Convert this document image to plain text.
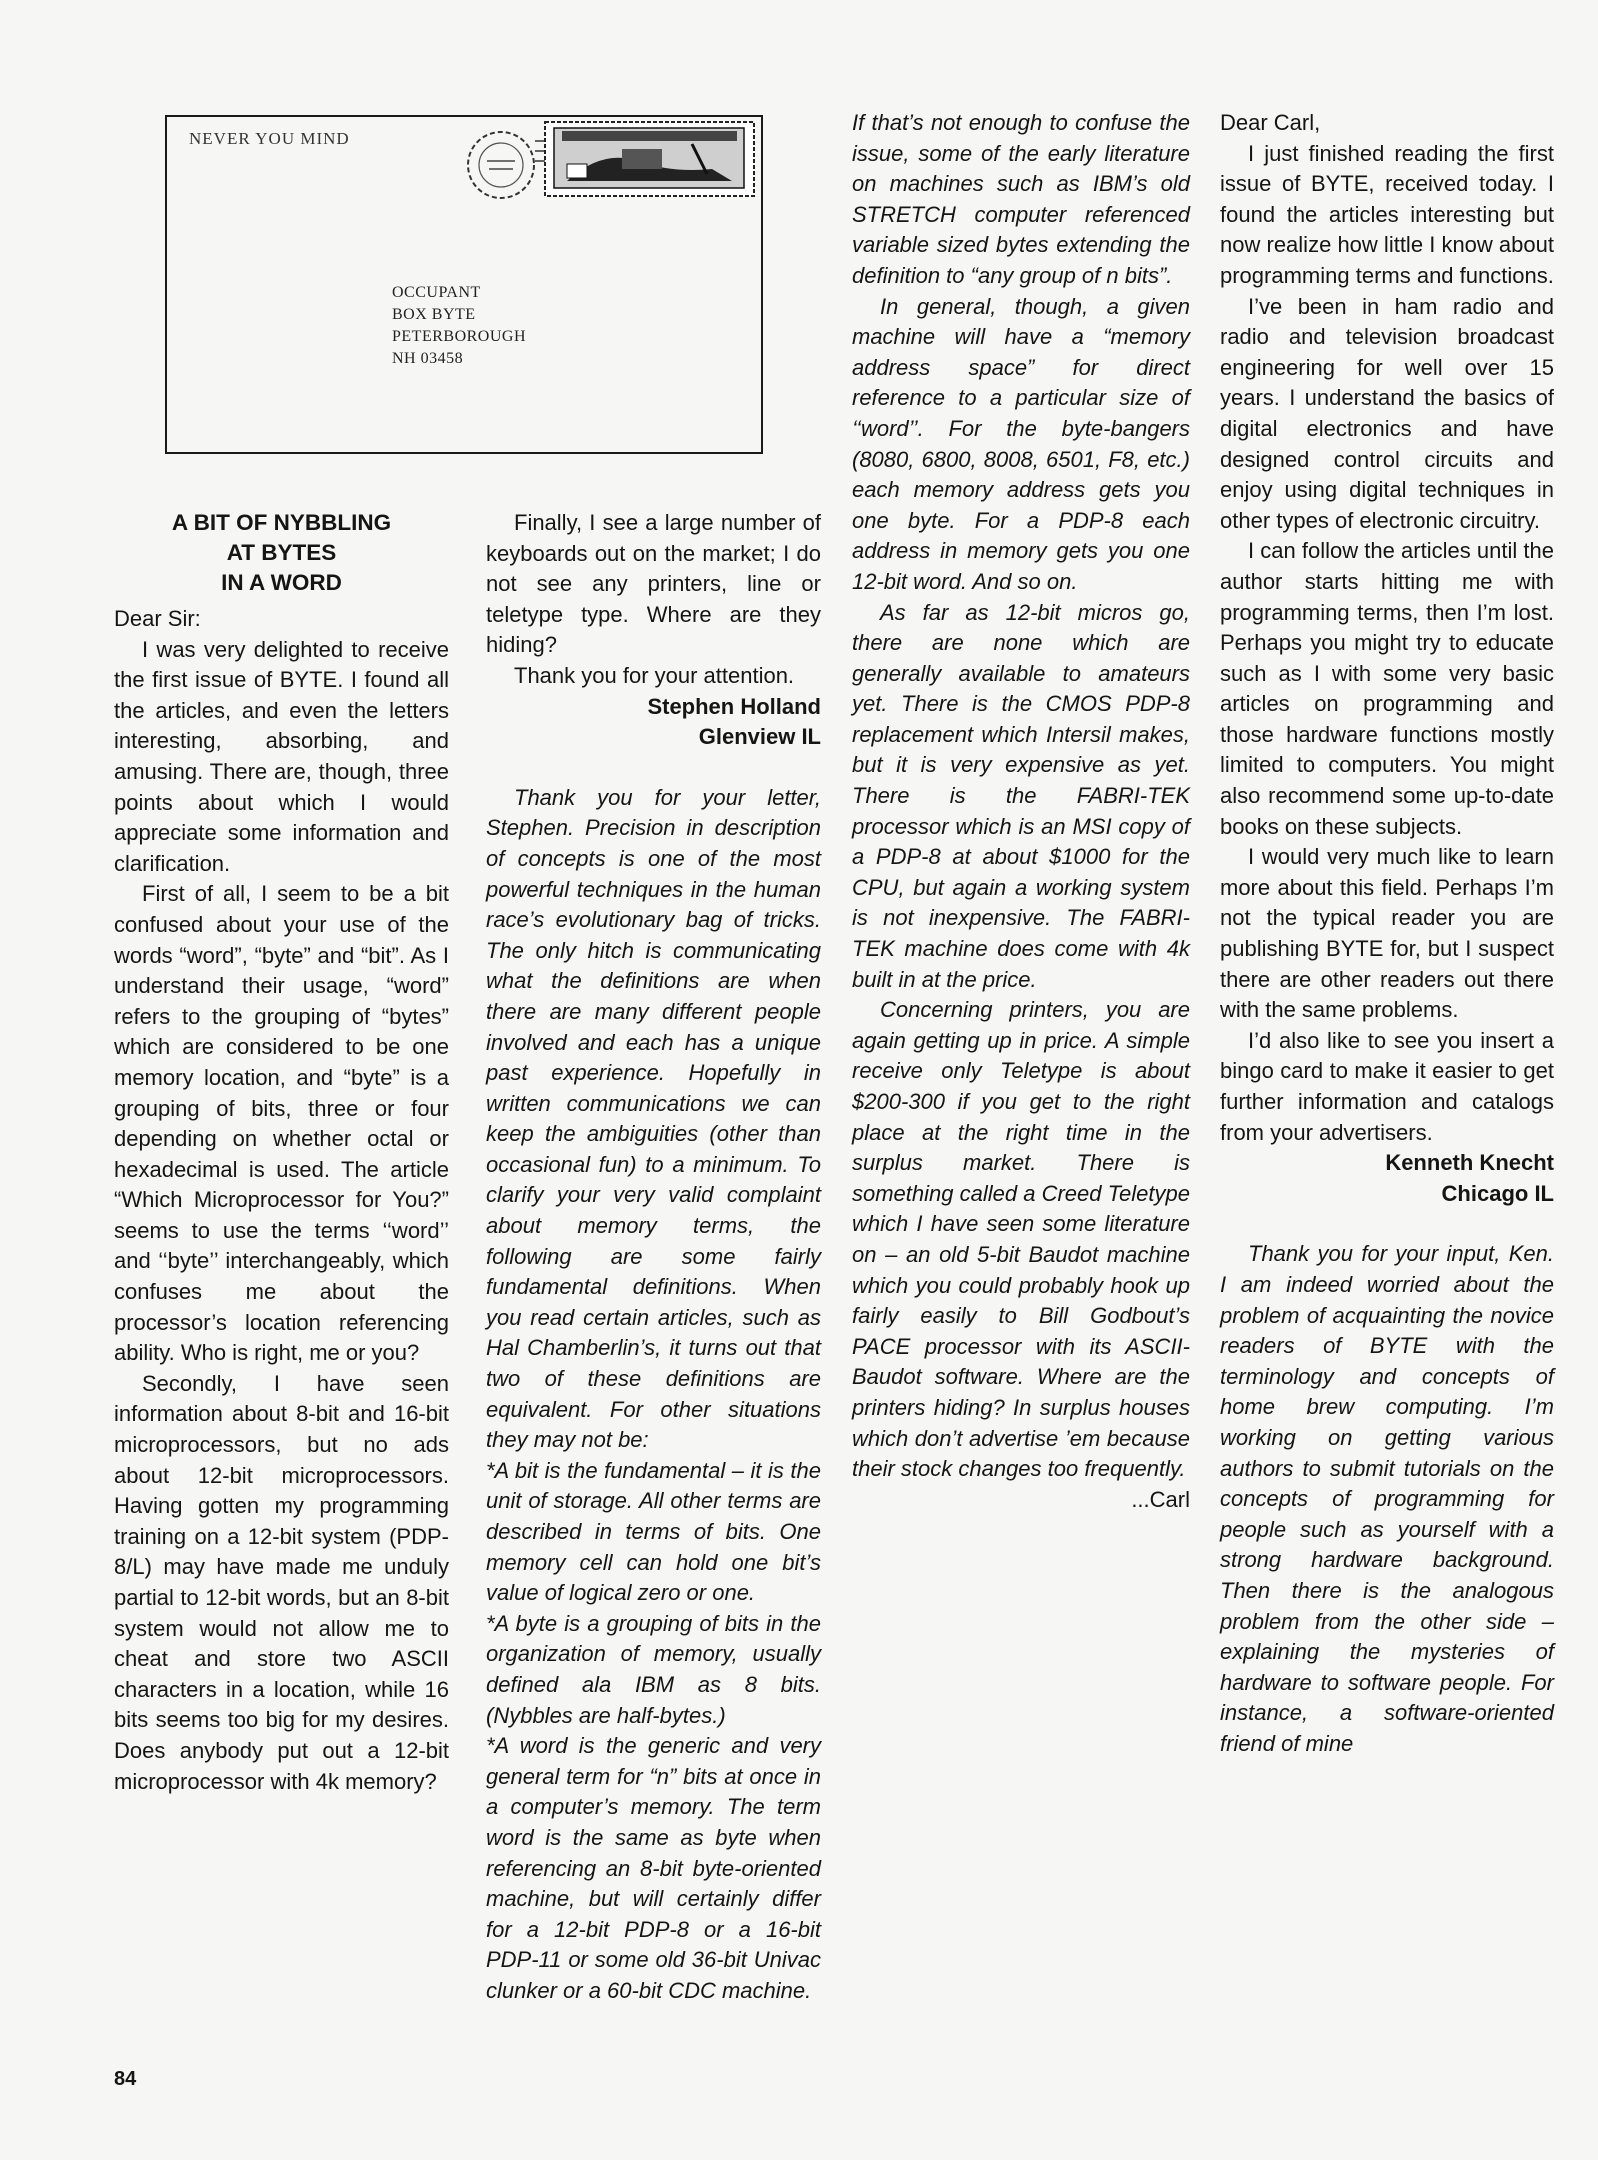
NEVER YOU MIND
OCCUPANT
BOX BYTE
PETERBOROUGH
NH 03458
A BIT OF NYBBLING
AT BYTES
IN A WORD

Dear Sir:

I was very delighted to receive the first issue of BYTE. I found all the articles, and even the letters interesting, absorbing, and amusing. There are, though, three points about which I would appreciate some information and clarification.

First of all, I seem to be a bit confused about your use of the words “word”, “byte” and “bit”. As I understand their usage, “word” refers to the grouping of “bytes” which are considered to be one memory location, and “byte” is a grouping of bits, three or four depending on whether octal or hexadecimal is used. The article “Which Microprocessor for You?” seems to use the terms ‘‘word’’ and ‘‘byte’’ interchangeably, which confuses me about the processor’s location referencing ability. Who is right, me or you?

Secondly, I have seen information about 8-bit and 16-bit microprocessors, but no ads about 12-bit microprocessors. Having gotten my programming training on a 12-bit system (PDP-8/L) may have made me unduly partial to 12-bit words, but an 8-bit system would not allow me to cheat and store two ASCII characters in a location, while 16 bits seems too big for my desires. Does anybody put out a 12-bit microprocessor with 4k memory?

Finally, I see a large number of keyboards out on the market; I do not see any printers, line or teletype type. Where are they hiding?

Thank you for your attention.

Stephen Holland
Glenview IL

Thank you for your letter, Stephen. Precision in description of concepts is one of the most powerful techniques in the human race’s evolutionary bag of tricks. The only hitch is communicating what the definitions are when there are many different people involved and each has a unique past experience. Hopefully in written communications we can keep the ambiguities (other than occasional fun) to a minimum. To clarify your very valid complaint about memory terms, the following are some fairly fundamental definitions. When you read certain articles, such as Hal Chamberlin’s, it turns out that two of these definitions are equivalent. For other situations they may not be:

*A bit is the fundamental – it is the unit of storage. All other terms are described in terms of bits. One memory cell can hold one bit’s value of logical zero or one.

*A byte is a grouping of bits in the organization of memory, usually defined ala IBM as 8 bits. (Nybbles are half-bytes.)

*A word is the generic and very general term for “n” bits at once in a computer’s memory. The term word is the same as byte when referencing an 8-bit byte-oriented machine, but will certainly differ for a 12-bit PDP-8 or a 16-bit PDP-11 or some old 36-bit Univac clunker or a 60-bit CDC machine.

If that’s not enough to confuse the issue, some of the early literature on machines such as IBM’s old STRETCH computer referenced variable sized bytes extending the definition to “any group of n bits”.

In general, though, a given machine will have a “memory address space” for direct reference to a particular size of ‘‘word’’. For the byte-bangers (8080, 6800, 8008, 6501, F8, etc.) each memory address gets you one byte. For a PDP-8 each address in memory gets you one 12-bit word. And so on.

As far as 12-bit micros go, there are none which are generally available to amateurs yet. There is the CMOS PDP-8 replacement which Intersil makes, but it is very expensive as yet. There is the FABRI-TEK processor which is an MSI copy of a PDP-8 at about $1000 for the CPU, but again a working system is not inexpensive. The FABRI-TEK machine does come with 4k built in at the price.

Concerning printers, you are again getting up in price. A simple receive only Teletype is about $200-300 if you get to the right place at the right time in the surplus market. There is something called a Creed Teletype which I have seen some literature on – an old 5-bit Baudot machine which you could probably hook up fairly easily to Bill Godbout’s PACE processor with its ASCII-Baudot software. Where are the printers hiding? In surplus houses which don’t advertise ’em because their stock changes too frequently.

...Carl

Dear Carl,

I just finished reading the first issue of BYTE, received today. I found the articles interesting but now realize how little I know about programming terms and functions.

I’ve been in ham radio and radio and television broadcast engineering for well over 15 years. I understand the basics of digital electronics and have designed control circuits and enjoy using digital techniques in other types of electronic circuitry.

I can follow the articles until the author starts hitting me with programming terms, then I’m lost. Perhaps you might try to educate such as I with some very basic articles on programming and those hardware functions mostly limited to computers. You might also recommend some up-to-date books on these subjects.

I would very much like to learn more about this field. Perhaps I’m not the typical reader you are publishing BYTE for, but I suspect there are other readers out there with the same problems.

I’d also like to see you insert a bingo card to make it easier to get further information and catalogs from your advertisers.

Kenneth Knecht
Chicago IL

Thank you for your input, Ken. I am indeed worried about the problem of acquainting the novice readers of BYTE with the terminology and concepts of home brew computing. I’m working on getting various authors to submit tutorials on the concepts of programming for people such as yourself with a strong hardware background. Then there is the analogous problem from the other side – explaining the mysteries of hardware to software people. For instance, a software-oriented friend of mine

84
